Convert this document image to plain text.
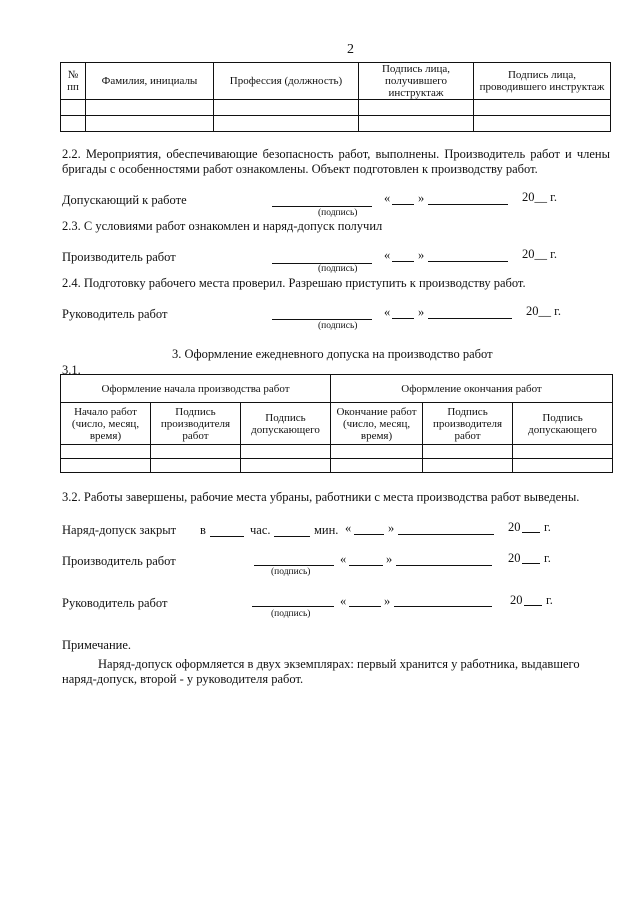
2
№ пп	Фамилия, инициалы	Профессия (должность)	Подпись лица, получившего инструктаж	Подпись лица, проводившего инструктаж

2.2. Мероприятия, обеспечивающие безопасность работ, выполнены. Производитель работ и члены бригады с особенностями работ ознакомлены. Объект подготовлен к производству работ.
Допускающий к работе
(подпись)
« »	20__ г.
2.3. С условиями работ ознакомлен и наряд-допуск получил
Производитель работ
(подпись)
« »	20__ г.
2.4. Подготовку рабочего места проверил. Разрешаю приступить к производству работ.
Руководитель работ
(подпись)
« »	20__ г.
3. Оформление ежедневного допуска на производство работ
3.1.
Оформление начала производства работ			Оформление окончания работ		
Начало работ (число, месяц, время)	Подпись производителя работ	Подпись допускающего	Окончание работ (число, месяц, время)	Подпись производителя работ	Подпись допускающего

3.2. Работы завершены, рабочие места убраны, работники с места производства работ выведены.
Наряд-допуск закрыт в	час.	мин. «	»	20 г.
Производитель работ
(подпись)
«	»	20 г.
Руководитель работ
(подпись)
«	»	20 г.
Примечание.
Наряд-допуск оформляется в двух экземплярах: первый хранится у работника, выдавшего наряд-допуск, второй - у руководителя работ.
